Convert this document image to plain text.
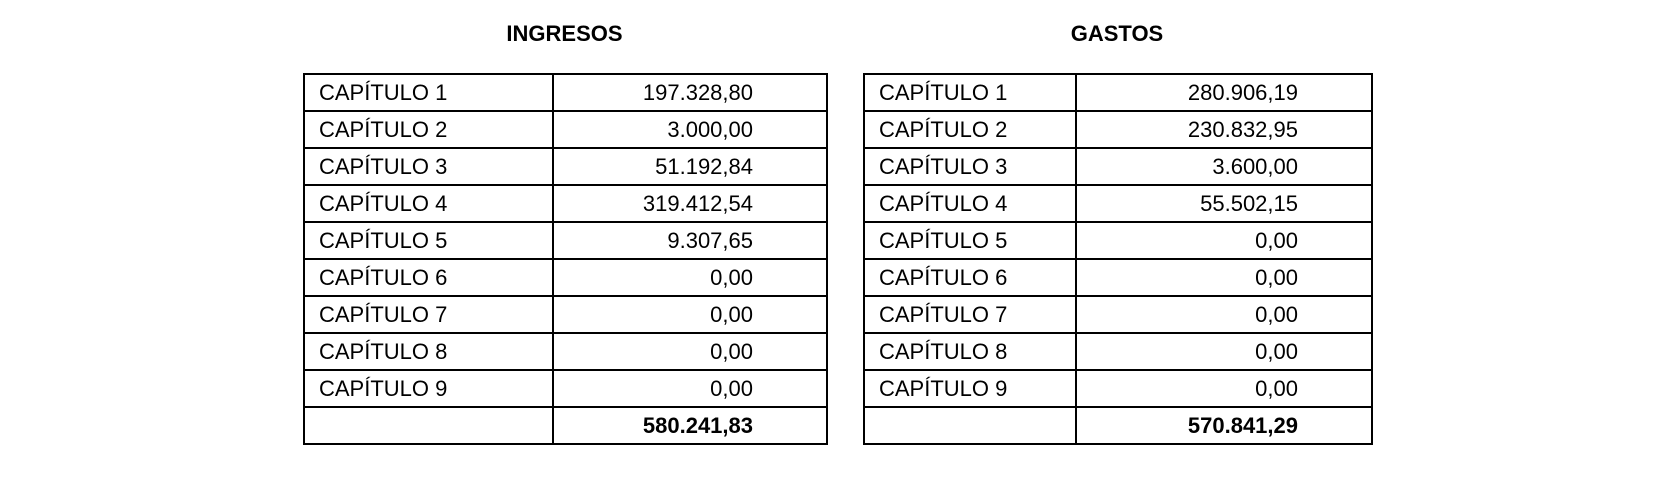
INGRESOS
CAPÍTULO 1	197.328,80
CAPÍTULO 2	3.000,00
CAPÍTULO 3	51.192,84
CAPÍTULO 4	319.412,54
CAPÍTULO 5	9.307,65
CAPÍTULO 6	0,00
CAPÍTULO 7	0,00
CAPÍTULO 8	0,00
CAPÍTULO 9	0,00
	580.241,83
GASTOS
CAPÍTULO 1	280.906,19
CAPÍTULO 2	230.832,95
CAPÍTULO 3	3.600,00
CAPÍTULO 4	55.502,15
CAPÍTULO 5	0,00
CAPÍTULO 6	0,00
CAPÍTULO 7	0,00
CAPÍTULO 8	0,00
CAPÍTULO 9	0,00
	570.841,29
